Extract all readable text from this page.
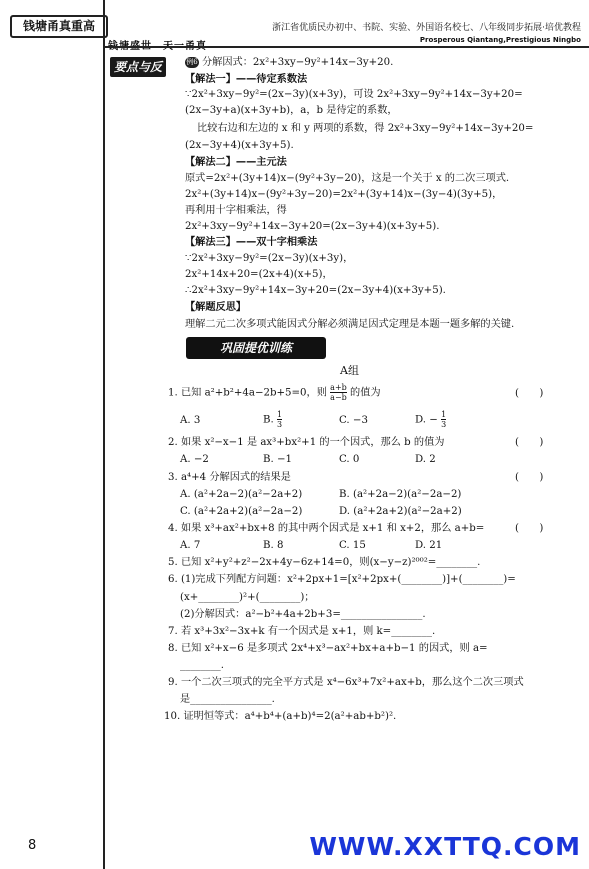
钱塘甬真重高	浙江省优质民办初中、书院、实验、外国语名校七、八年级同步拓展·培优教程
Prosperous Qiantang,Prestigious Ningbo
要点与反思
例6 分解因式：2x²+3xy−9y²+14x−3y+20.
【解法一】——待定系数法
∵2x²+3xy−9y²=(2x−3y)(x+3y)，可设 2x²+3xy−9y²+14x−3y+20=
(2x−3y+a)(x+3y+b)，a，b 是待定的系数，
比较右边和左边的 x 和 y 两项的系数，得 2x²+3xy−9y²+14x−3y+20=
(2x−3y+4)(x+3y+5).
【解法二】——主元法
原式=2x²+(3y+14)x−(9y²+3y−20)，这是一个关于 x 的二次三项式.
2x²+(3y+14)x−(9y²+3y−20)=2x²+(3y+14)x−(3y−4)(3y+5)，
再利用十字相乘法，得
2x²+3xy−9y²+14x−3y+20=(2x−3y+4)(x+3y+5).
【解法三】——双十字相乘法
∵2x²+3xy−9y²=(2x−3y)(x+3y)，
2x²+14x+20=(2x+4)(x+5)，
∴2x²+3xy−9y²+14x−3y+20=(2x−3y+4)(x+3y+5).
【解题反思】
理解二元二次多项式能因式分解必须满足因式定理是本题一题多解的关键.
巩固提优训练
A组
1. 已知 a²+b²+4a−2b+5=0，则 $\frac{a+b}{a-b}$ 的值为	(　　)
A. 3	B. $\frac{1}{3}$	C. −3	D. − $\frac{1}{3}$
2. 如果 x²−x−1 是 ax³+bx²+1 的一个因式，那么 b 的值为	(　　)
A. −2	B. −1	C. 0	D. 2
3. a⁴+4 分解因式的结果是	(　　)
A. (a²+2a−2)(a²−2a+2)	B. (a²+2a−2)(a²−2a−2)
C. (a²+2a+2)(a²−2a−2)	D. (a²+2a+2)(a²−2a+2)
4. 如果 x³+ax²+bx+8 的其中两个因式是 x+1 和 x+2，那么 a+b=	(　　)
A. 7	B. 8	C. 15	D. 21
5. 已知 x²+y²+z²−2x+4y−6z+14=0，则(x−y−z)²⁰⁰²=________.
6. (1)完成下列配方问题：x²+2px+1=[x²+2px+(________)]+(________)=
(x+________)²+(________)；
(2)分解因式：a²−b²+4a+2b+3=________________.
7. 若 x³+3x²−3x+k 有一个因式是 x+1，则 k=________.
8. 已知 x²+x−6 是多项式 2x⁴+x³−ax²+bx+a+b−1 的因式，则 a=
________.
9. 一个二次三项式的完全平方式是 x⁴−6x³+7x²+ax+b，那么这个二次三项式
是________________.
10. 证明恒等式：a⁴+b⁴+(a+b)⁴=2(a²+ab+b²)².
8	WWW.XXTTQ.COM
